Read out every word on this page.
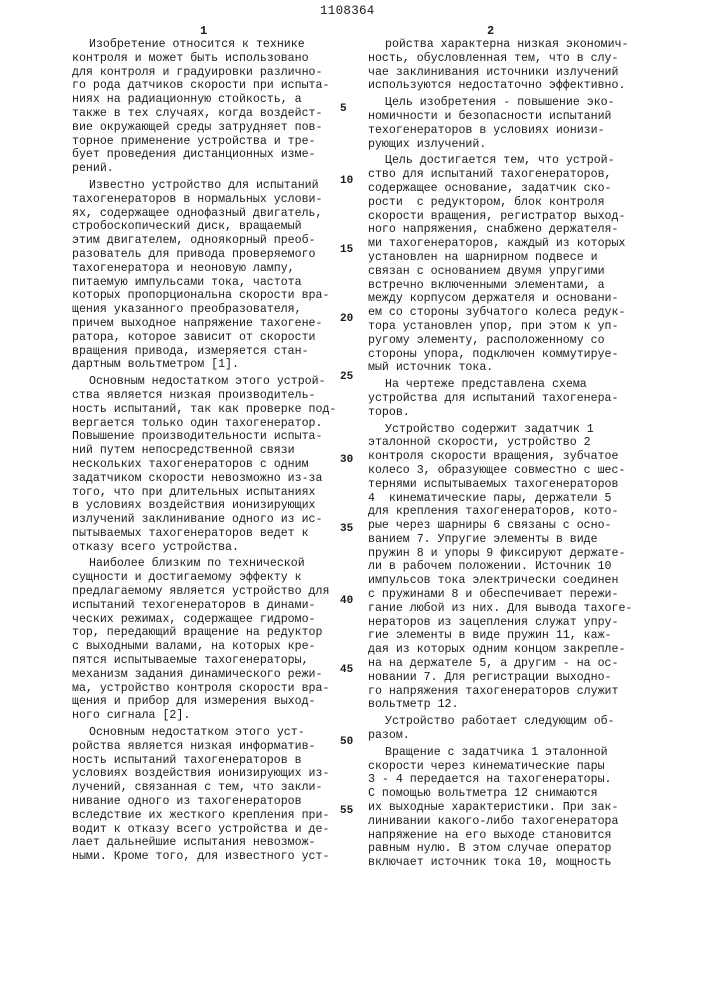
1108364
1	2
Изобретение относится к технике
контроля и может быть использовано
для контроля и градуировки различно-
го рода датчиков скорости при испыта-
ниях на радиационную стойкость, а
также в тех случаях, когда воздейст- 5
вие окружающей среды затрудняет пов-
торное применение устройства и тре-
бует проведения дистанционных изме-
рений.
Известно устройство для испытаний 10
тахогенераторов в нормальных услови-
ях, содержащее однофазный двигатель,
стробоскопический диск, вращаемый
этим двигателем, одноякорный преоб-
разователь для привода проверяемого 15
тахогенератора и неоновую лампу,
питаемую импульсами тока, частота
которых пропорциональна скорости вра-
щения указанного преобразователя,
причем выходное напряжение тахогене- 20
ратора, которое зависит от скорости
вращения привода, измеряется стан-
дартным вольтметром [1].
Основным недостатком этого устрой- 25
ства является низкая производитель-
ность испытаний, так как проверке под-
вергается только один тахогенератор.
Повышение производительности испыта-
ний путем непосредственной связи
нескольких тахогенераторов с одним	30
задатчиком скорости невозможно из-за
того, что при длительных испытаниях
в условиях воздействия ионизирующих
излучений заклинивание одного из ис-
пытываемых тахогенераторов ведет к	35
отказу всего устройства.
Наиболее близким по технической
сущности и достигаемому эффекту к
предлагаемому является устройство для
испытаний техогенераторов в динами- 40
ческих режимах, содержащее гидромо-
тор, передающий вращение на редуктор
с выходными валами, на которых кре-
пятся испытываемые тахогенераторы,
механизм задания динамического режи- 45
ма, устройство контроля скорости вра-
щения и прибор для измерения выход-
ного сигнала [2].
Основным недостатком этого уст-
ройства является низкая информатив- 50
ность испытаний тахогенераторов в
условиях воздействия ионизирующих из-
лучений, связанная с тем, что закли-
нивание одного из тахогенераторов
вследствие их жесткого крепления при- 55
водит к отказу всего устройства и де-
лает дальнейшие испытания невозмож-
ными. Кроме того, для известного уст-
ройства характерна низкая экономич-
ность, обусловленная тем, что в слу-
чае заклинивания источники излучений
используются недостаточно эффективно.
Цель изобретения - повышение эко-
номичности и безопасности испытаний
техогенераторов в условиях ионизи-
рующих излучений.
Цель достигается тем, что устрой-
ство для испытаний тахогенераторов,
содержащее основание, задатчик ско-
рости  с редуктором, блок контроля
скорости вращения, регистратор выход-
ного напряжения, снабжено держателя-
ми тахогенераторов, каждый из которых
установлен на шарнирном подвесе и
связан с основанием двумя упругими
встречно включенными элементами, а
между корпусом держателя и основани-
ем со стороны зубчатого колеса редук-
тора установлен упор, при этом к уп-
ругому элементу, расположенному со
стороны упора, подключен коммутируе-
мый источник тока.
На чертеже представлена схема
устройства для испытаний тахогенера-
торов.
Устройство содержит задатчик 1
эталонной скорости, устройство 2
контроля скорости вращения, зубчатое
колесо 3, образующее совместно с шес-
тернями испытываемых тахогенераторов
4  кинематические пары, держатели 5
для крепления тахогенераторов, кото-
рые через шарниры 6 связаны с осно-
ванием 7. Упругие элементы в виде
пружин 8 и упоры 9 фиксируют держате-
ли в рабочем положении. Источник 10
импульсов тока электрически соединен
с пружинами 8 и обеспечивает пережи-
гание любой из них. Для вывода тахоге-
нераторов из зацепления служат упру-
гие элементы в виде пружин 11, каж-
дая из которых одним концом закрепле-
на на держателе 5, а другим - на ос-
новании 7. Для регистрации выходно-
го напряжения тахогенераторов служит
вольтметр 12.
Устройство работает следующим об-
разом.
Вращение с задатчика 1 эталонной
скорости через кинематические пары
3 - 4 передается на тахогенераторы.
С помощью вольтметра 12 снимаются
их выходные характеристики. При зак-
линивании какого-либо тахогенератора
напряжение на его выходе становится
равным нулю. В этом случае оператор
включает источник тока 10, мощность
